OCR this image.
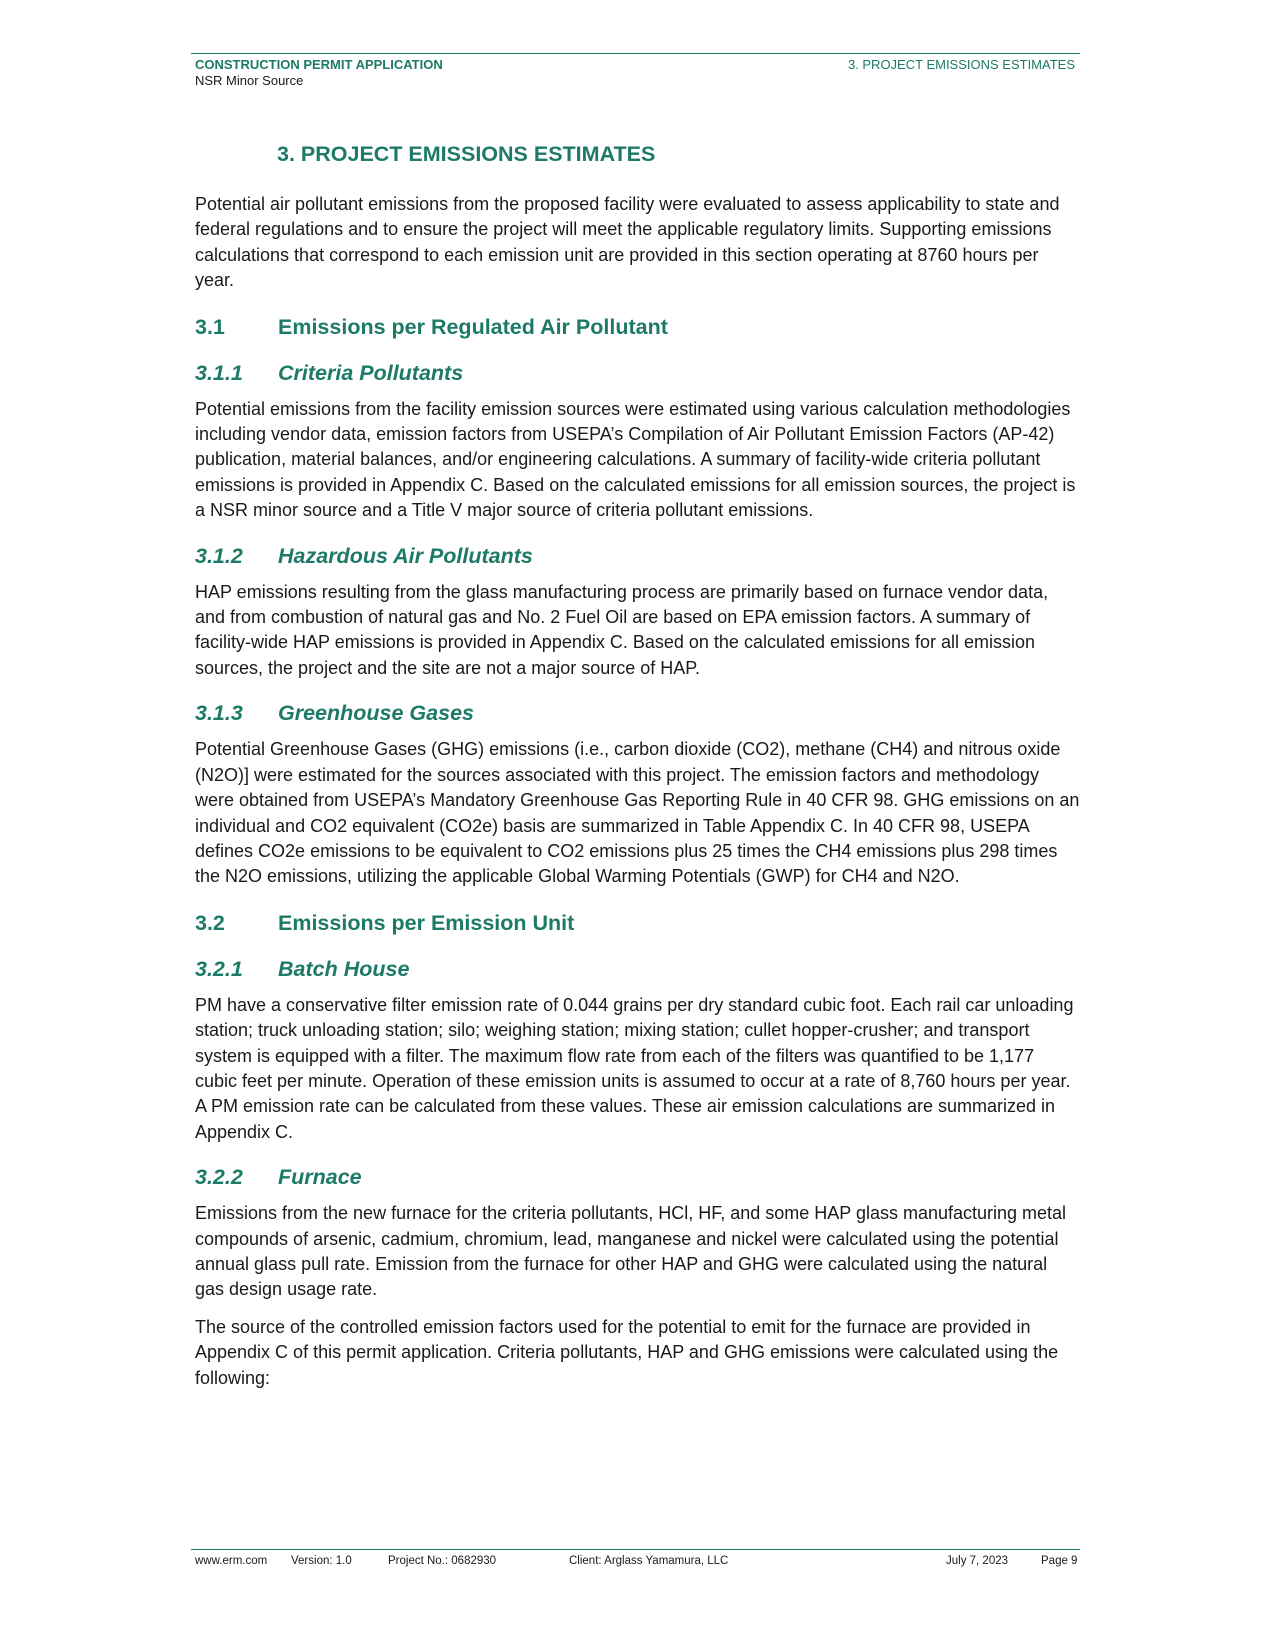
CONSTRUCTION PERMIT APPLICATION
NSR Minor Source
3. PROJECT EMISSIONS ESTIMATES
3. PROJECT EMISSIONS ESTIMATES

Potential air pollutant emissions from the proposed facility were evaluated to assess applicability to state and federal regulations and to ensure the project will meet the applicable regulatory limits. Supporting emissions calculations that correspond to each emission unit are provided in this section operating at 8760 hours per year.

3.1	Emissions per Regulated Air Pollutant
3.1.1	Criteria Pollutants

Potential emissions from the facility emission sources were estimated using various calculation methodologies including vendor data, emission factors from USEPA’s Compilation of Air Pollutant Emission Factors (AP-42) publication, material balances, and/or engineering calculations. A summary of facility-wide criteria pollutant emissions is provided in Appendix C. Based on the calculated emissions for all emission sources, the project is a NSR minor source and a Title V major source of criteria pollutant emissions.

3.1.2	Hazardous Air Pollutants

HAP emissions resulting from the glass manufacturing process are primarily based on furnace vendor data, and from combustion of natural gas and No. 2 Fuel Oil are based on EPA emission factors. A summary of facility-wide HAP emissions is provided in Appendix C. Based on the calculated emissions for all emission sources, the project and the site are not a major source of HAP.

3.1.3	Greenhouse Gases

Potential Greenhouse Gases (GHG) emissions (i.e., carbon dioxide (CO2), methane (CH4) and nitrous oxide (N2O)] were estimated for the sources associated with this project. The emission factors and methodology were obtained from USEPA’s Mandatory Greenhouse Gas Reporting Rule in 40 CFR 98. GHG emissions on an individual and CO2 equivalent (CO2e) basis are summarized in Table Appendix C. In 40 CFR 98, USEPA defines CO2e emissions to be equivalent to CO2 emissions plus 25 times the CH4 emissions plus 298 times the N2O emissions, utilizing the applicable Global Warming Potentials (GWP) for CH4 and N2O.

3.2	Emissions per Emission Unit
3.2.1	Batch House

PM have a conservative filter emission rate of 0.044 grains per dry standard cubic foot. Each rail car unloading station; truck unloading station; silo; weighing station; mixing station; cullet hopper-crusher; and transport system is equipped with a filter. The maximum flow rate from each of the filters was quantified to be 1,177 cubic feet per minute. Operation of these emission units is assumed to occur at a rate of 8,760 hours per year. A PM emission rate can be calculated from these values. These air emission calculations are summarized in Appendix C.

3.2.2	Furnace

Emissions from the new furnace for the criteria pollutants, HCl, HF, and some HAP glass manufacturing metal compounds of arsenic, cadmium, chromium, lead, manganese and nickel were calculated using the potential annual glass pull rate. Emission from the furnace for other HAP and GHG were calculated using the natural gas design usage rate.

The source of the controlled emission factors used for the potential to emit for the furnace are provided in Appendix C of this permit application. Criteria pollutants, HAP and GHG emissions were calculated using the following:

www.erm.com Version: 1.0	Project No.: 0682930	Client: Arglass Yamamura, LLC	July 7, 2023	Page 9
